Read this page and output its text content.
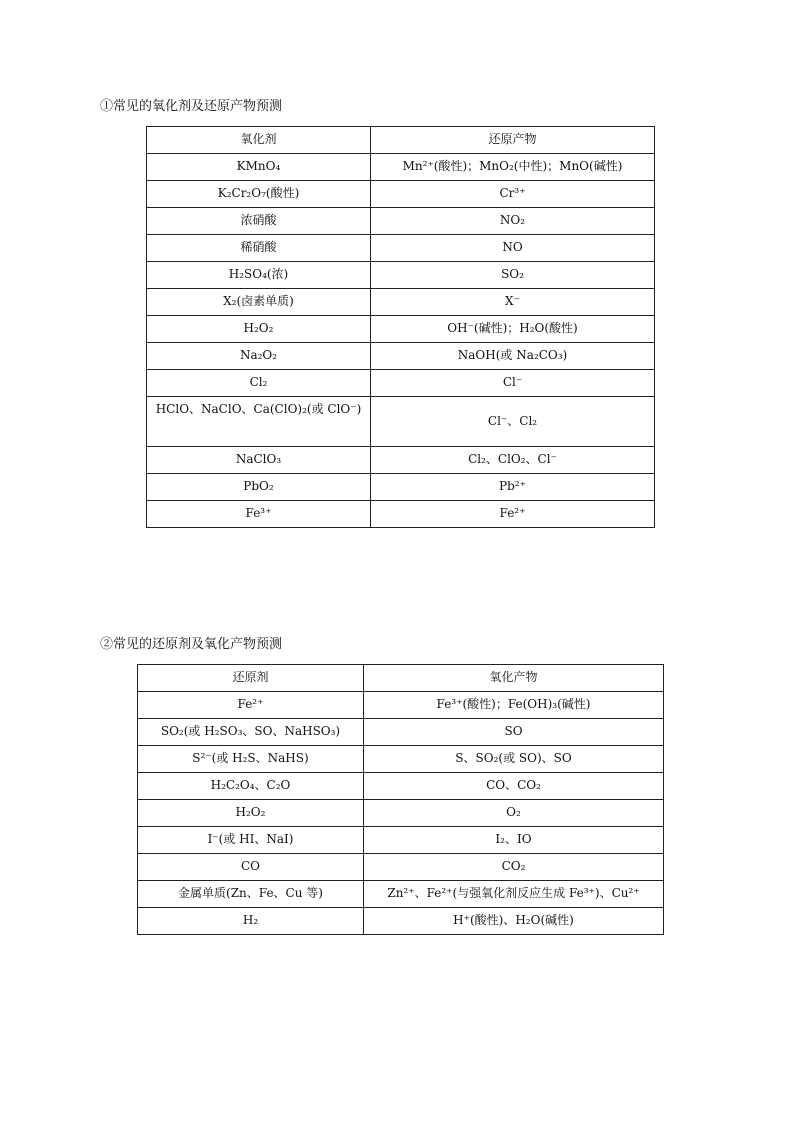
①常见的氧化剂及还原产物预测
氧化剂	还原产物
KMnO₄	Mn²⁺(酸性)；MnO₂(中性)；MnO(碱性)
K₂Cr₂O₇(酸性)	Cr³⁺
浓硝酸	NO₂
稀硝酸	NO
H₂SO₄(浓)	SO₂
X₂(卤素单质)	X⁻
H₂O₂	OH⁻(碱性)；H₂O(酸性)
Na₂O₂	NaOH(或 Na₂CO₃)
Cl₂	Cl⁻
HClO、NaClO、Ca(ClO)₂(或 ClO⁻)	Cl⁻、Cl₂
NaClO₃	Cl₂、ClO₂、Cl⁻
PbO₂	Pb²⁺
Fe³⁺	Fe²⁺
②常见的还原剂及氧化产物预测
还原剂	氧化产物
Fe²⁺	Fe³⁺(酸性)；Fe(OH)₃(碱性)
SO₂(或 H₂SO₃、SO、NaHSO₃)	SO
S²⁻(或 H₂S、NaHS)	S、SO₂(或 SO)、SO
H₂C₂O₄、C₂O	CO、CO₂
H₂O₂	O₂
I⁻(或 HI、NaI)	I₂、IO
CO	CO₂
金属单质(Zn、Fe、Cu 等)	Zn²⁺、Fe²⁺(与强氧化剂反应生成 Fe³⁺)、Cu²⁺
H₂	H⁺(酸性)、H₂O(碱性)
